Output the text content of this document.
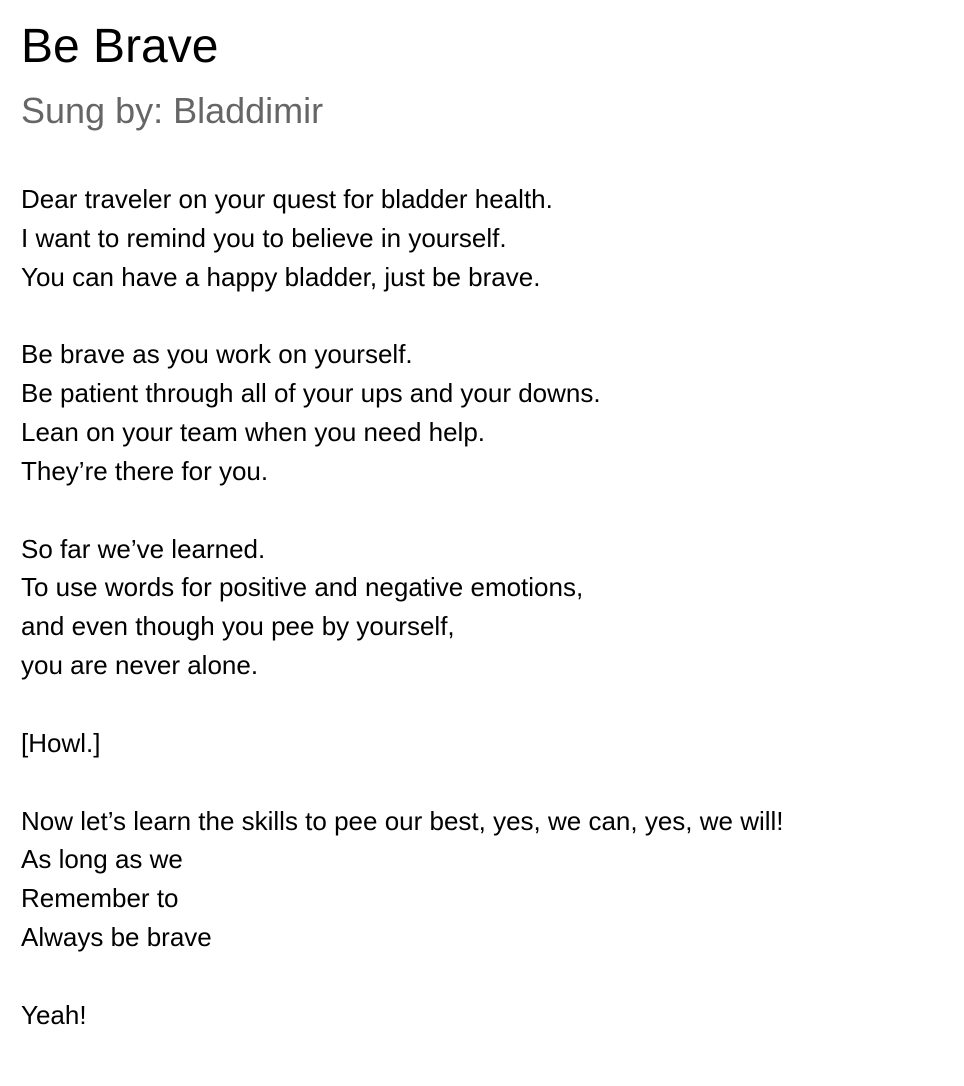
Be Brave
Sung by: Bladdimir

Dear traveler on your quest for bladder health.
I want to remind you to believe in yourself.
You can have a happy bladder, just be brave.

Be brave as you work on yourself.
Be patient through all of your ups and your downs.
Lean on your team when you need help.
They’re there for you.

So far we’ve learned.
To use words for positive and negative emotions,
and even though you pee by yourself,
you are never alone.

[Howl.]

Now let’s learn the skills to pee our best, yes, we can, yes, we will!
As long as we
Remember to
Always be brave

Yeah!
